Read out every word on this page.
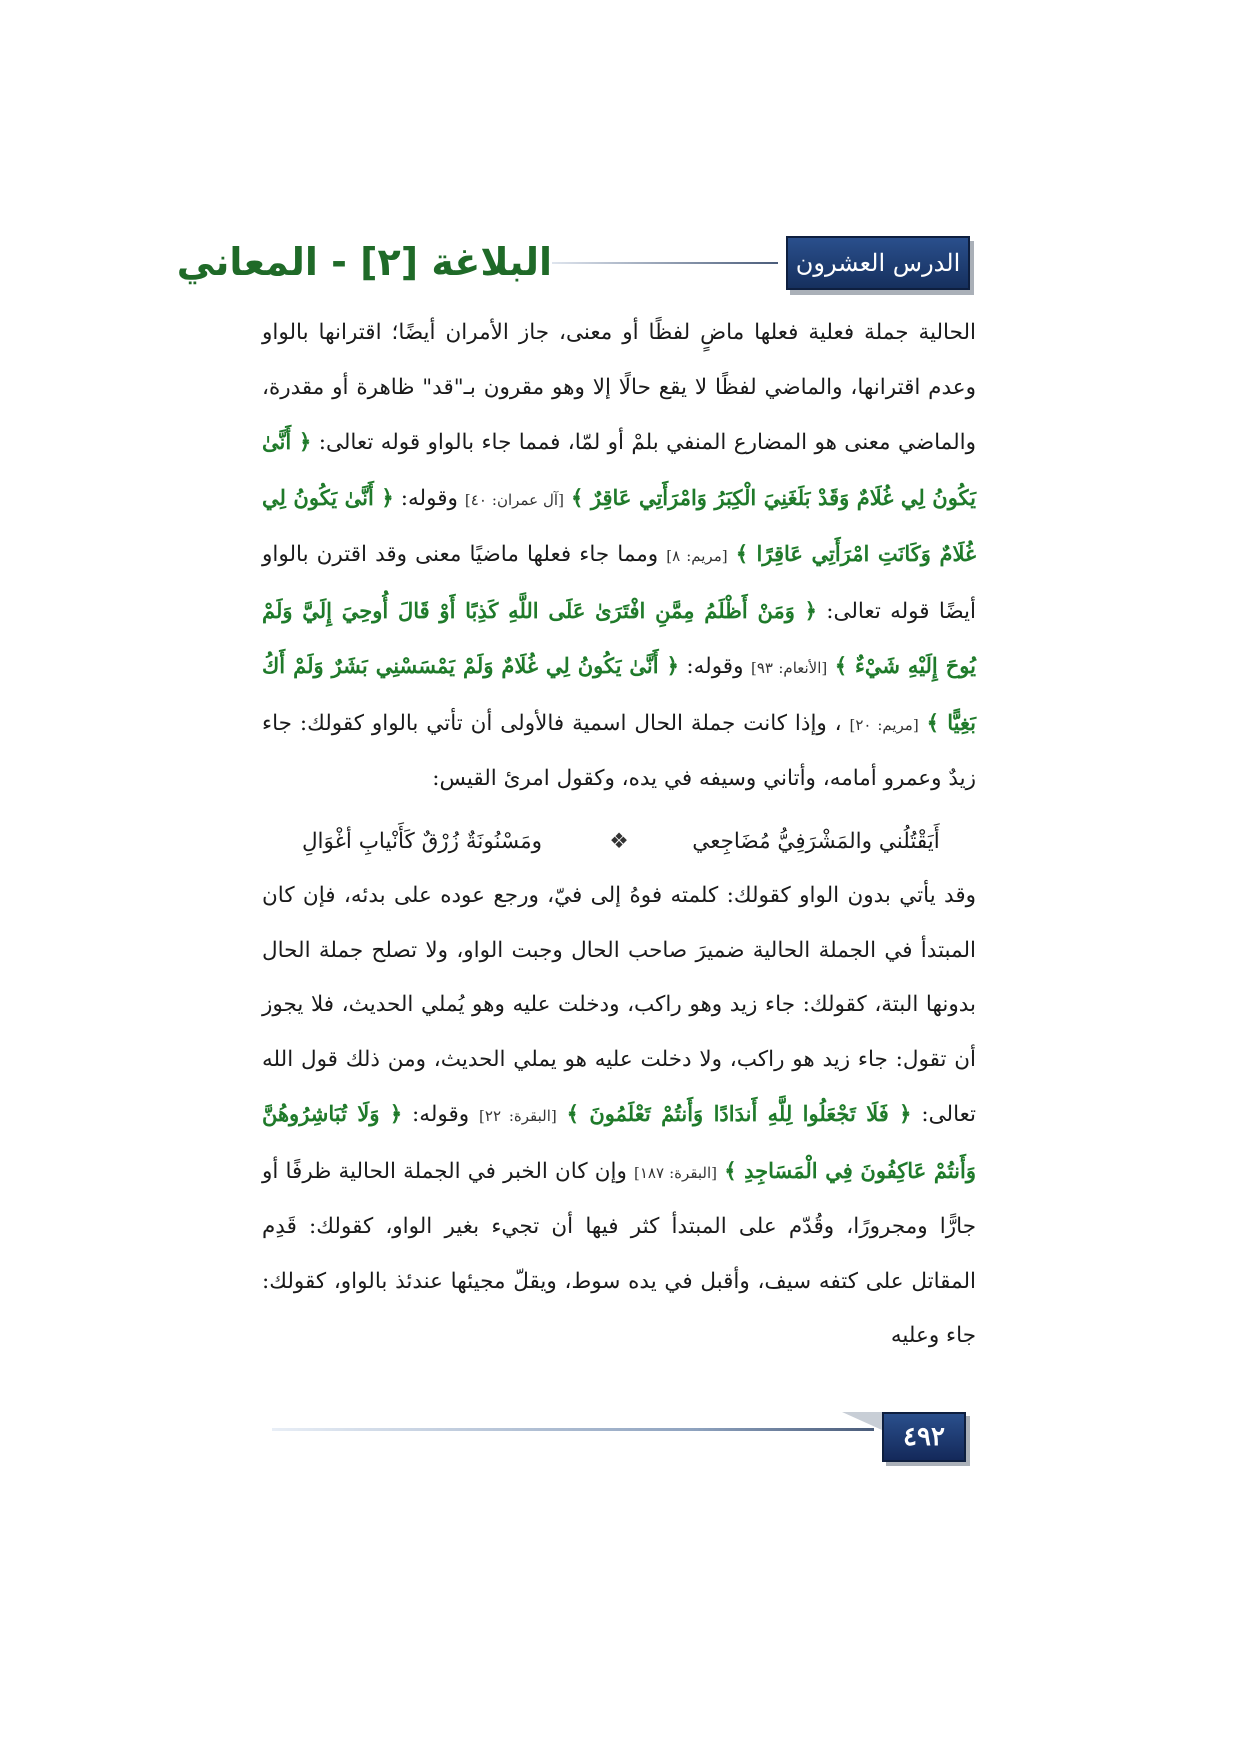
الدرس العشرون
البلاغة [٢] - المعاني

الحالية جملة فعلية فعلها ماضٍ لفظًا أو معنى، جاز الأمران أيضًا؛ اقترانها بالواو وعدم اقترانها، والماضي لفظًا لا يقع حالًا إلا وهو مقرون بـ"قد" ظاهرة أو مقدرة، والماضي معنى هو المضارع المنفي بلمْ أو لمّا، فمما جاء بالواو قوله تعالى: ﴿ أَنَّىٰ يَكُونُ لِي غُلَامٌ وَقَدْ بَلَغَنِيَ الْكِبَرُ وَامْرَأَتِي عَاقِرٌ ﴾ [آل عمران: ٤٠] وقوله: ﴿ أَنَّىٰ يَكُونُ لِي غُلَامٌ وَكَانَتِ امْرَأَتِي عَاقِرًا ﴾ [مريم: ٨] ومما جاء فعلها ماضيًا معنى وقد اقترن بالواو أيضًا قوله تعالى: ﴿ وَمَنْ أَظْلَمُ مِمَّنِ افْتَرَىٰ عَلَى اللَّهِ كَذِبًا أَوْ قَالَ أُوحِيَ إِلَيَّ وَلَمْ يُوحَ إِلَيْهِ شَيْءٌ ﴾ [الأنعام: ٩٣] وقوله: ﴿ أَنَّىٰ يَكُونُ لِي غُلَامٌ وَلَمْ يَمْسَسْنِي بَشَرٌ وَلَمْ أَكُ بَغِيًّا ﴾ [مريم: ٢٠] ، وإذا كانت جملة الحال اسمية فالأولى أن تأتي بالواو كقولك: جاء زيدٌ وعمرو أمامه، وأتاني وسيفه في يده، وكقول امرئ القيس:

أَيَقْتُلُني والمَشْرَفِيُّ مُضَاجِعي
❖
ومَسْنُونَةٌ زُرْقٌ كَأَنْيابِ أغْوَالِ

وقد يأتي بدون الواو كقولك: كلمته فوهُ إلى فيّ، ورجع عوده على بدئه، فإن كان المبتدأ في الجملة الحالية ضميرَ صاحب الحال وجبت الواو، ولا تصلح جملة الحال بدونها البتة، كقولك: جاء زيد وهو راكب، ودخلت عليه وهو يُملي الحديث، فلا يجوز أن تقول: جاء زيد هو راكب، ولا دخلت عليه هو يملي الحديث، ومن ذلك قول الله تعالى: ﴿ فَلَا تَجْعَلُوا لِلَّهِ أَندَادًا وَأَنتُمْ تَعْلَمُونَ ﴾ [البقرة: ٢٢] وقوله: ﴿ وَلَا تُبَاشِرُوهُنَّ وَأَنتُمْ عَاكِفُونَ فِي الْمَسَاجِدِ ﴾ [البقرة: ١٨٧] وإن كان الخبر في الجملة الحالية ظرفًا أو جارًّا ومجرورًا، وقُدّم على المبتدأ كثر فيها أن تجيء بغير الواو، كقولك: قَدِم المقاتل على كتفه سيف، وأقبل في يده سوط، ويقلّ مجيئها عندئذ بالواو، كقولك: جاء وعليه

٤٩٢
